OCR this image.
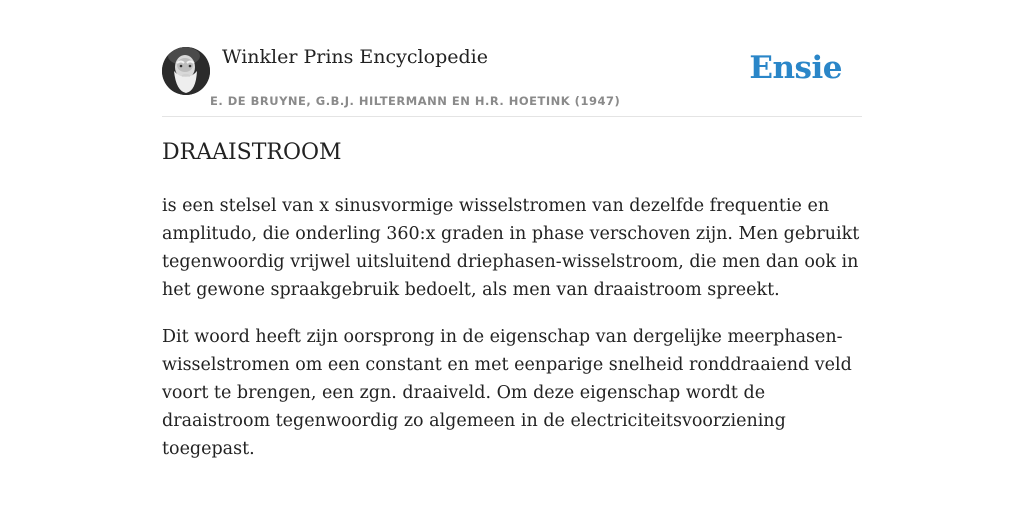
Winkler Prins Encyclopedie
E. DE BRUYNE, G.B.J. HILTERMANN EN H.R. HOETINK (1947)
Ensie
DRAAISTROOM

is een stelsel van x sinusvormige wisselstromen van dezelfde frequentie en amplitudo, die onderling 360:x graden in phase verschoven zijn. Men gebruikt tegenwoordig vrijwel uitsluitend driephasen-wisselstroom, die men dan ook in het gewone spraakgebruik bedoelt, als men van draaistroom spreekt.

Dit woord heeft zijn oorsprong in de eigenschap van dergelijke meerphasen-wisselstromen om een constant en met eenparige snelheid ronddraaiend veld voort te brengen, een zgn. draaiveld. Om deze eigenschap wordt de draaistroom tegenwoordig zo algemeen in de electriciteitsvoorziening toegepast.
